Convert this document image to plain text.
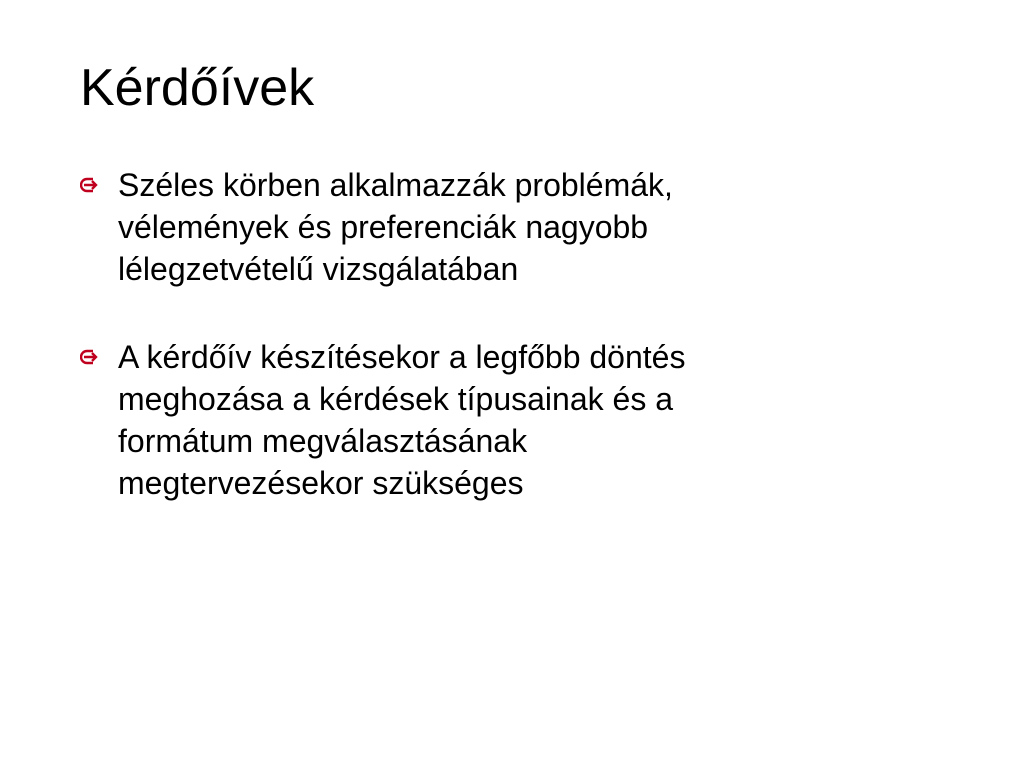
Kérdőívek
Széles körben alkalmazzák problémák,
vélemények és preferenciák nagyobb
lélegzetvételű vizsgálatában
A kérdőív készítésekor a legfőbb döntés
meghozása a kérdések típusainak és a
formátum megválasztásának
megtervezésekor szükséges
